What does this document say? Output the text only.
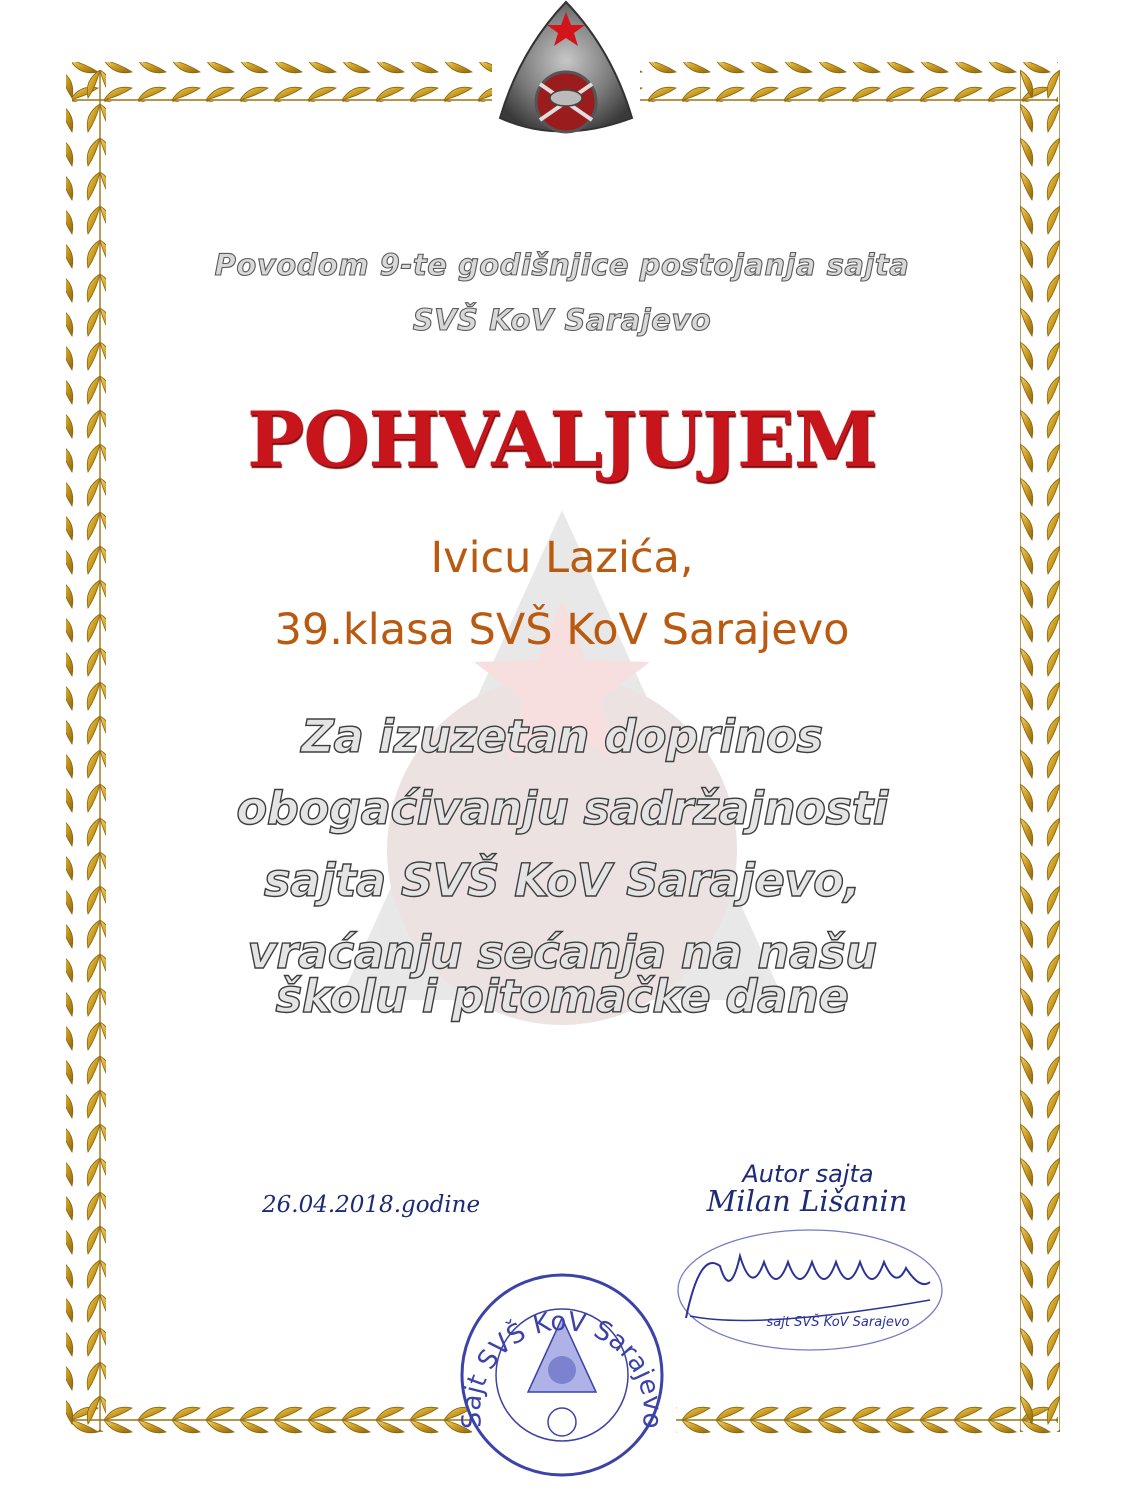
Sajt SVŠ KoV Sarajevo
sajt SVŠ KoV Sarajevo
Povodom 9-te godišnjice postojanja sajta
SVŠ KoV Sarajevo
POHVALJUJEM
Ivicu Lazića,
39.klasa SVŠ KoV Sarajevo
Za izuzetan doprinos
obogaćivanju sadržajnosti
sajta SVŠ KoV Sarajevo,
vraćanju sećanja na našu
školu i pitomačke dane
26.04.2018.godine
Autor sajta
Milan Lišanin
